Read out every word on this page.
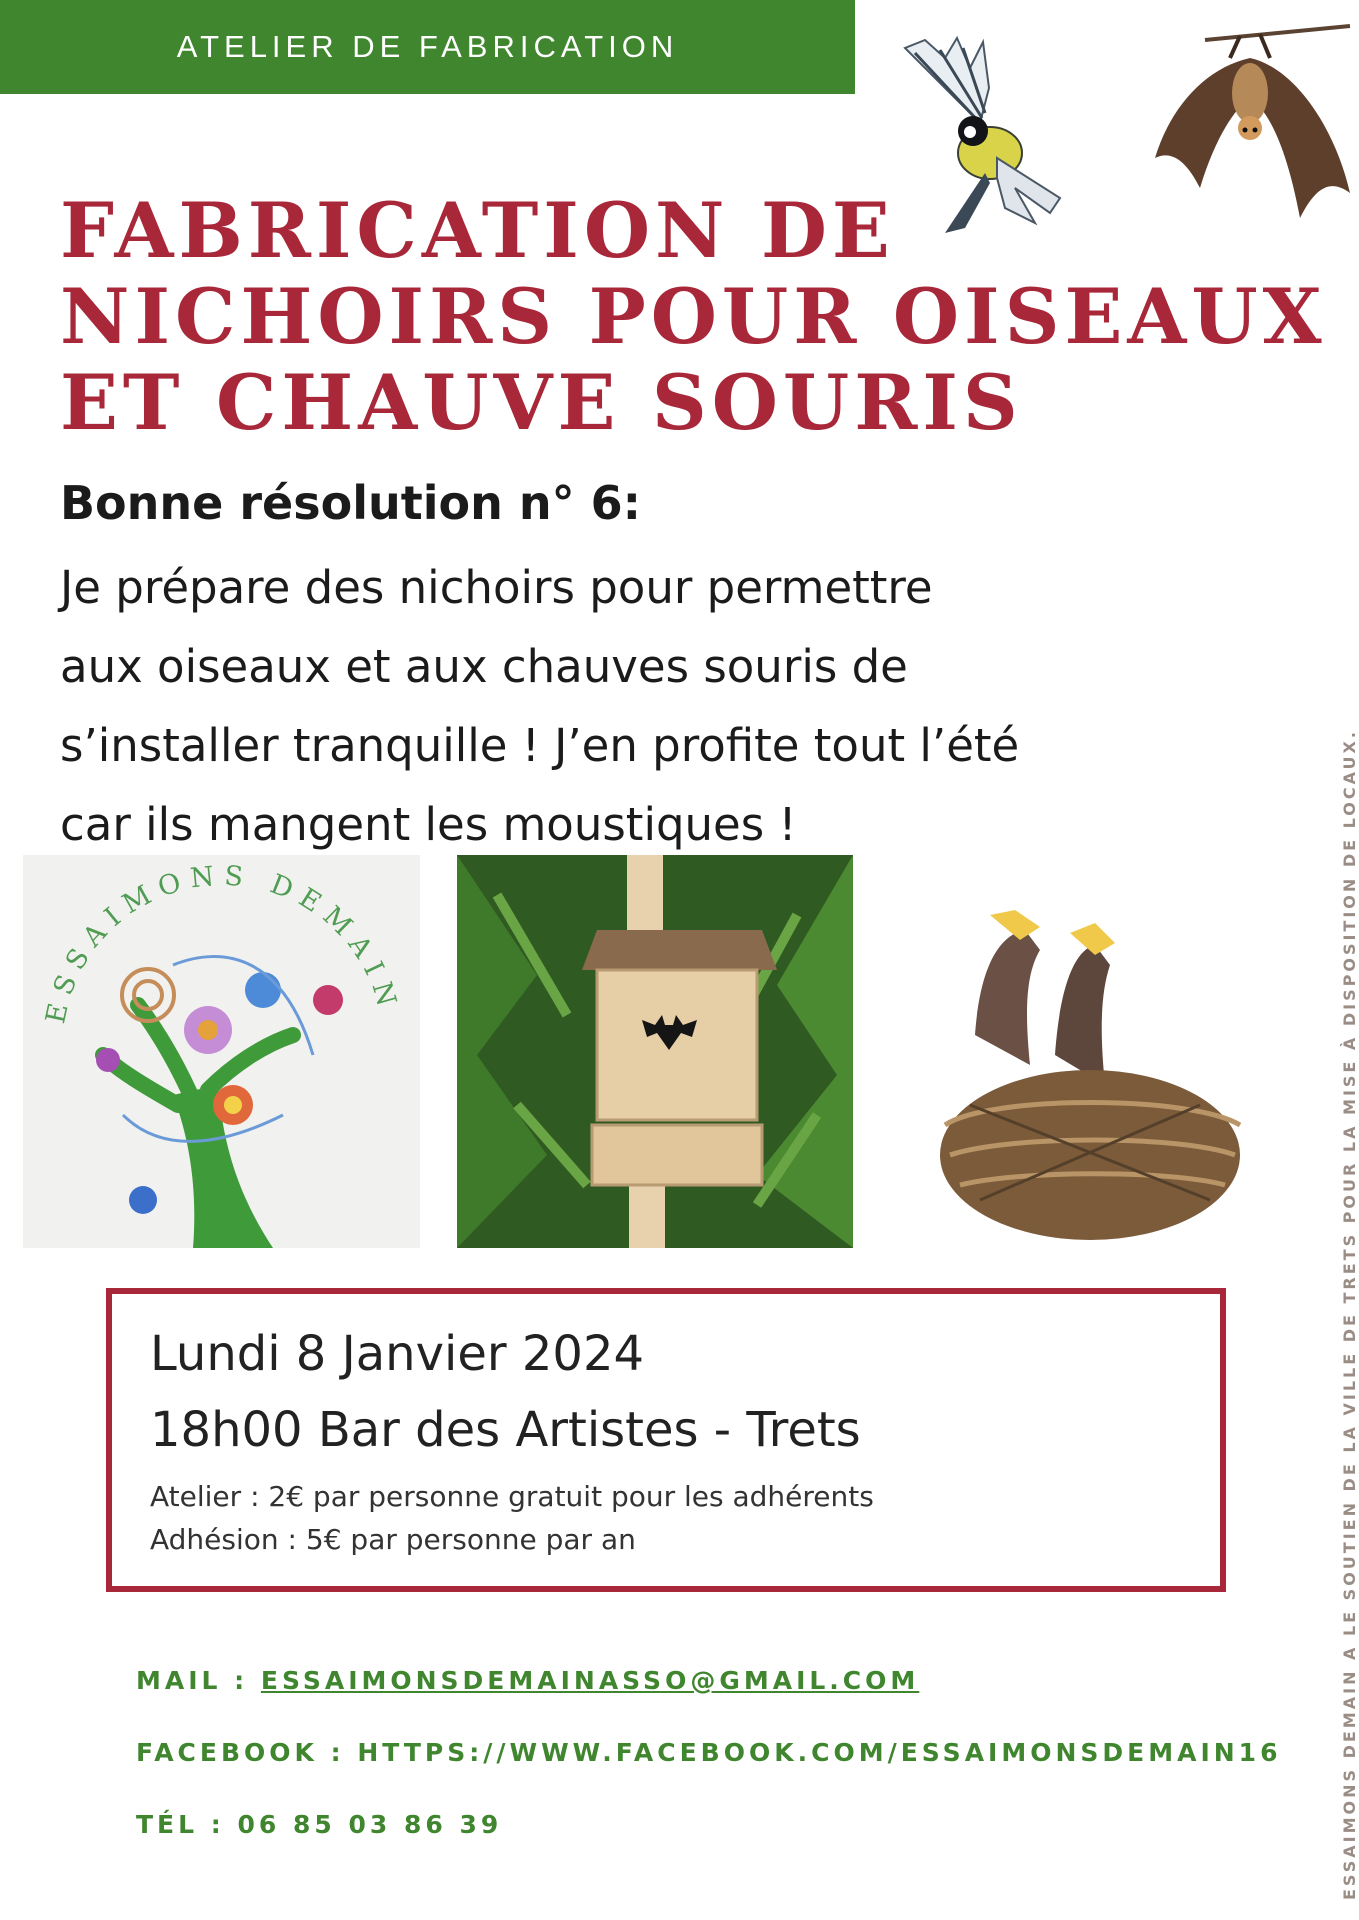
ATELIER DE FABRICATION
FABRICATION DE
NICHOIRS POUR OISEAUX
ET CHAUVE SOURIS

Bonne résolution n° 6:

Je prépare des nichoirs pour permettre
aux oiseaux et aux chauves souris de
s’installer tranquille ! J’en profite tout l’été
car ils mangent les moustiques !

ESSAIMONS DEMAIN

Lundi 8 Janvier 2024

18h00 Bar des Artistes - Trets

Atelier : 2€ par personne gratuit pour les adhérents

Adhésion : 5€ par personne par an

MAIL : ESSAIMONSDEMAINASSO@GMAIL.COM

FACEBOOK : HTTPS://WWW.FACEBOOK.COM/ESSAIMONSDEMAIN16

TÉL : 06 85 03 86 39	ESSAIMONS DEMAIN A LE SOUTIEN DE LA VILLE DE TRETS POUR LA MISE À DISPOSITION DE LOCAUX.
